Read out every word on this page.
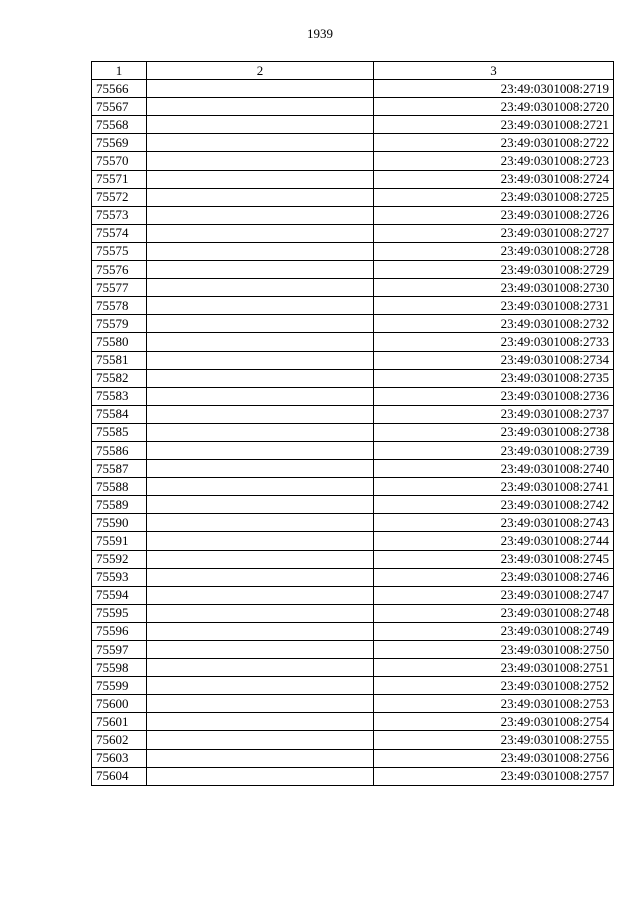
1939
1	2	3
75566		23:49:0301008:2719
75567		23:49:0301008:2720
75568		23:49:0301008:2721
75569		23:49:0301008:2722
75570		23:49:0301008:2723
75571		23:49:0301008:2724
75572		23:49:0301008:2725
75573		23:49:0301008:2726
75574		23:49:0301008:2727
75575		23:49:0301008:2728
75576		23:49:0301008:2729
75577		23:49:0301008:2730
75578		23:49:0301008:2731
75579		23:49:0301008:2732
75580		23:49:0301008:2733
75581		23:49:0301008:2734
75582		23:49:0301008:2735
75583		23:49:0301008:2736
75584		23:49:0301008:2737
75585		23:49:0301008:2738
75586		23:49:0301008:2739
75587		23:49:0301008:2740
75588		23:49:0301008:2741
75589		23:49:0301008:2742
75590		23:49:0301008:2743
75591		23:49:0301008:2744
75592		23:49:0301008:2745
75593		23:49:0301008:2746
75594		23:49:0301008:2747
75595		23:49:0301008:2748
75596		23:49:0301008:2749
75597		23:49:0301008:2750
75598		23:49:0301008:2751
75599		23:49:0301008:2752
75600		23:49:0301008:2753
75601		23:49:0301008:2754
75602		23:49:0301008:2755
75603		23:49:0301008:2756
75604		23:49:0301008:2757
